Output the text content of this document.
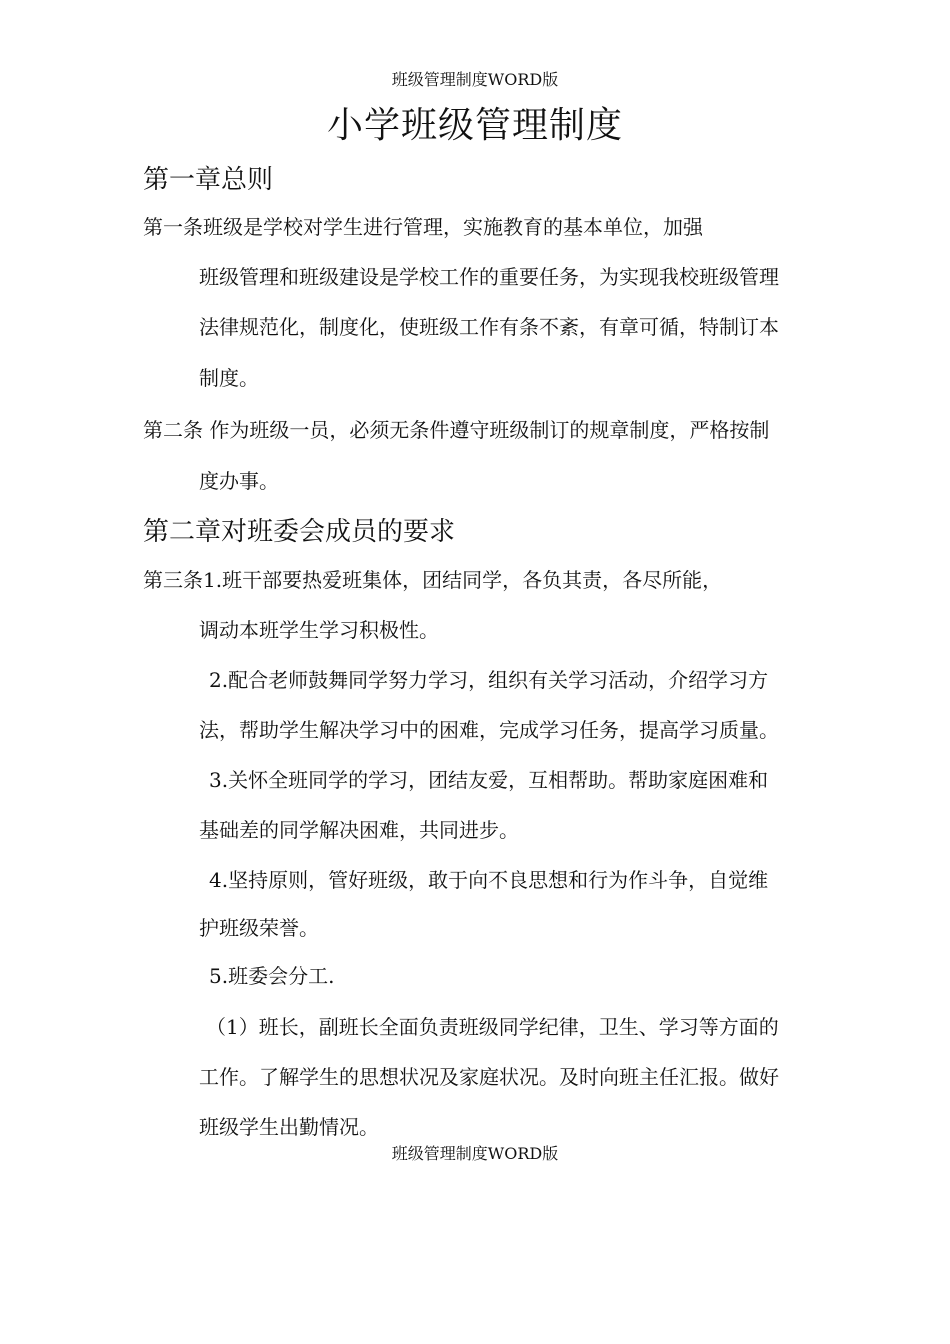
班级管理制度WORD版

小学班级管理制度
第一章总则

第一条班级是学校对学生进行管理，实施教育的基本单位，加强

班级管理和班级建设是学校工作的重要任务，为实现我校班级管理

法律规范化，制度化，使班级工作有条不紊，有章可循，特制订本

制度。

第二条 作为班级一员，必须无条件遵守班级制订的规章制度，严格按制

度办事。

第二章对班委会成员的要求

第三条1.班干部要热爱班集体，团结同学，各负其责，各尽所能，

调动本班学生学习积极性。

2.配合老师鼓舞同学努力学习，组织有关学习活动，介绍学习方

法，帮助学生解决学习中的困难，完成学习任务，提高学习质量。

3.关怀全班同学的学习，团结友爱，互相帮助。帮助家庭困难和

基础差的同学解决困难，共同进步。

4.坚持原则，管好班级，敢于向不良思想和行为作斗争，自觉维

护班级荣誉。

5.班委会分工.

（1）班长，副班长全面负责班级同学纪律，卫生、学习等方面的

工作。了解学生的思想状况及家庭状况。及时向班主任汇报。做好

班级学生出勤情况。

班级管理制度WORD版
